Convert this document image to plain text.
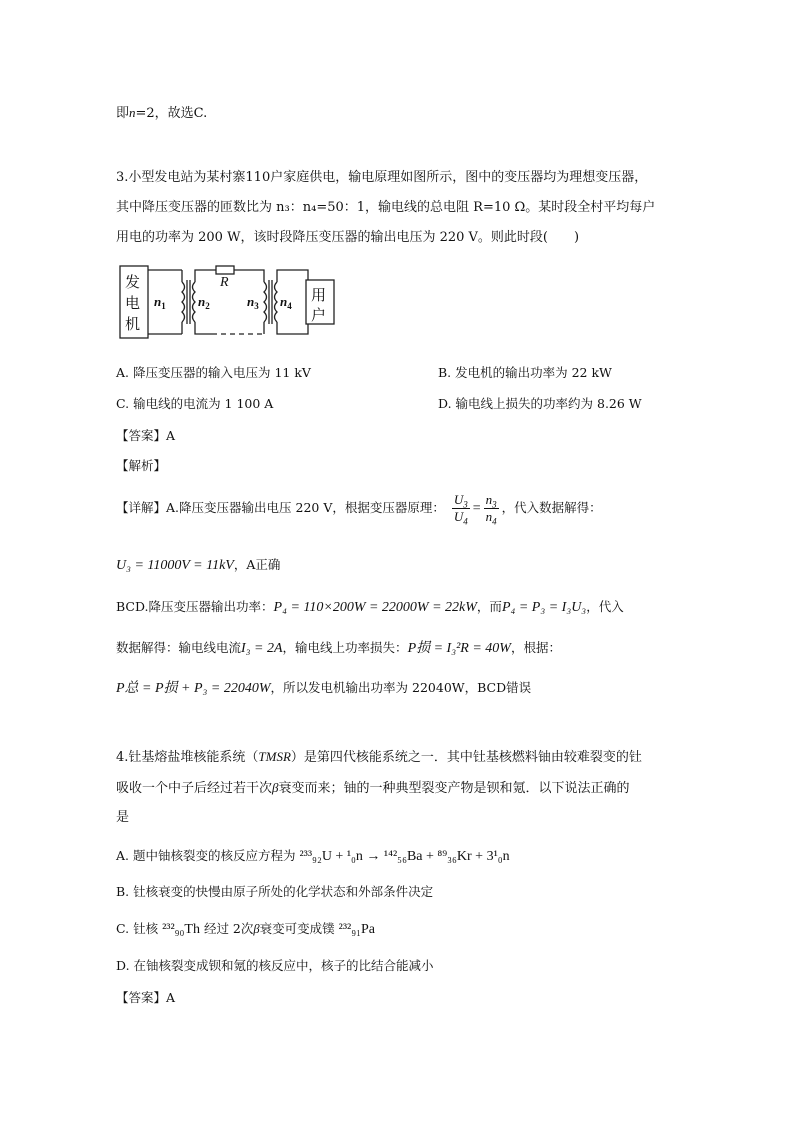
即n=2，故选C.
3.小型发电站为某村寨110户家庭供电，输电原理如图所示，图中的变压器均为理想变压器，
其中降压变压器的匝数比为 n₃：n₄=50：1，输电线的总电阻 R=10 Ω。某时段全村平均每户
用电的功率为 200 W，该时段降压变压器的输出电压为 220 V。则此时段(　　)
发
电
机
用
户
R
$n_1$ $n_2$	$n_3$ $n_4$
A. 降压变压器的输入电压为 11 kV	B. 发电机的输出功率为 22 kW
C. 输电线的电流为 1 100 A	D. 输电线上损失的功率约为 8.26 W
【答案】A
【解析】
【详解】A.降压变压器输出电压 220 V，根据变压器原理： $\frac{U_3}{U_4} = \frac{n_3}{n_4}$ ，代入数据解得：
U₃ = 11000V = 11kV，A正确
BCD.降压变压器输出功率：P₄ = 110×200W = 22000W = 22kW，而P₄ = P₃ = I₃U₃，代入
数据解得：输电线电流I₃ = 2A，输电线上功率损失：P损 = I₃²R = 40W，根据：
P总 = P损 + P₃ = 22040W，所以发电机输出功率为 22040W，BCD错误
4.钍基熔盐堆核能系统（TMSR）是第四代核能系统之一．其中钍基核燃料铀由较难裂变的钍
吸收一个中子后经过若干次β衰变而来；铀的一种典型裂变产物是钡和氪．以下说法正确的
是
A. 题中铀核裂变的核反应方程为 ²³³₉₂U + ¹₀n → ¹⁴²₅₆Ba + ⁸⁹₃₆Kr + 3¹₀n
B. 钍核衰变的快慢由原子所处的化学状态和外部条件决定
C. 钍核 ²³²₉₀Th 经过 2次β衰变可变成镤 ²³²₉₁Pa
D. 在铀核裂变成钡和氪的核反应中，核子的比结合能减小
【答案】A
